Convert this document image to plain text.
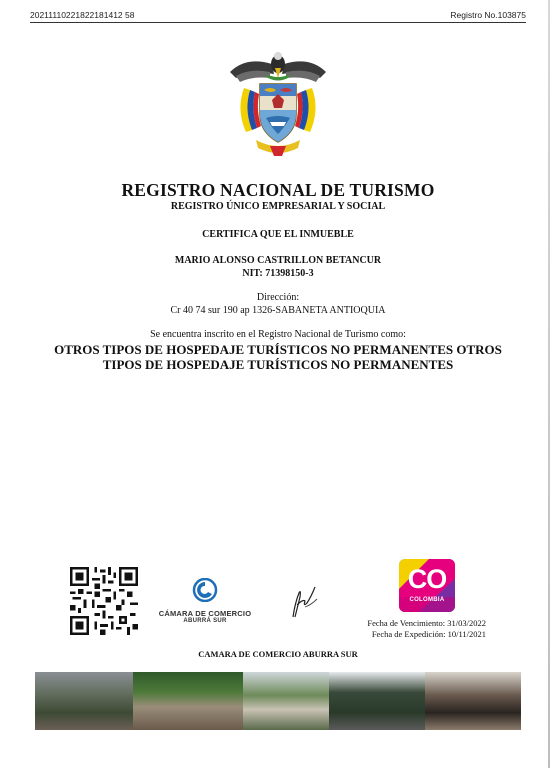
20211110221822181412 58	Registro No.103875
REGISTRO NACIONAL DE TURISMO
REGISTRO ÚNICO EMPRESARIAL Y SOCIAL
CERTIFICA QUE EL INMUEBLE
MARIO ALONSO CASTRILLON BETANCUR
NIT: 71398150-3
Dirección:
Cr 40 74 sur 190 ap 1326-SABANETA ANTIOQUIA
Se encuentra inscrito en el Registro Nacional de Turismo como:
OTROS TIPOS DE HOSPEDAJE TURÍSTICOS NO PERMANENTES OTROS TIPOS DE HOSPEDAJE TURÍSTICOS NO PERMANENTES
CÁMARA DE COMERCIO
ABURRÁ SUR
CO
COLOMBIA
Fecha de Vencimiento: 31/03/2022
Fecha de Expedición: 10/11/2021
CAMARA DE COMERCIO ABURRA SUR
